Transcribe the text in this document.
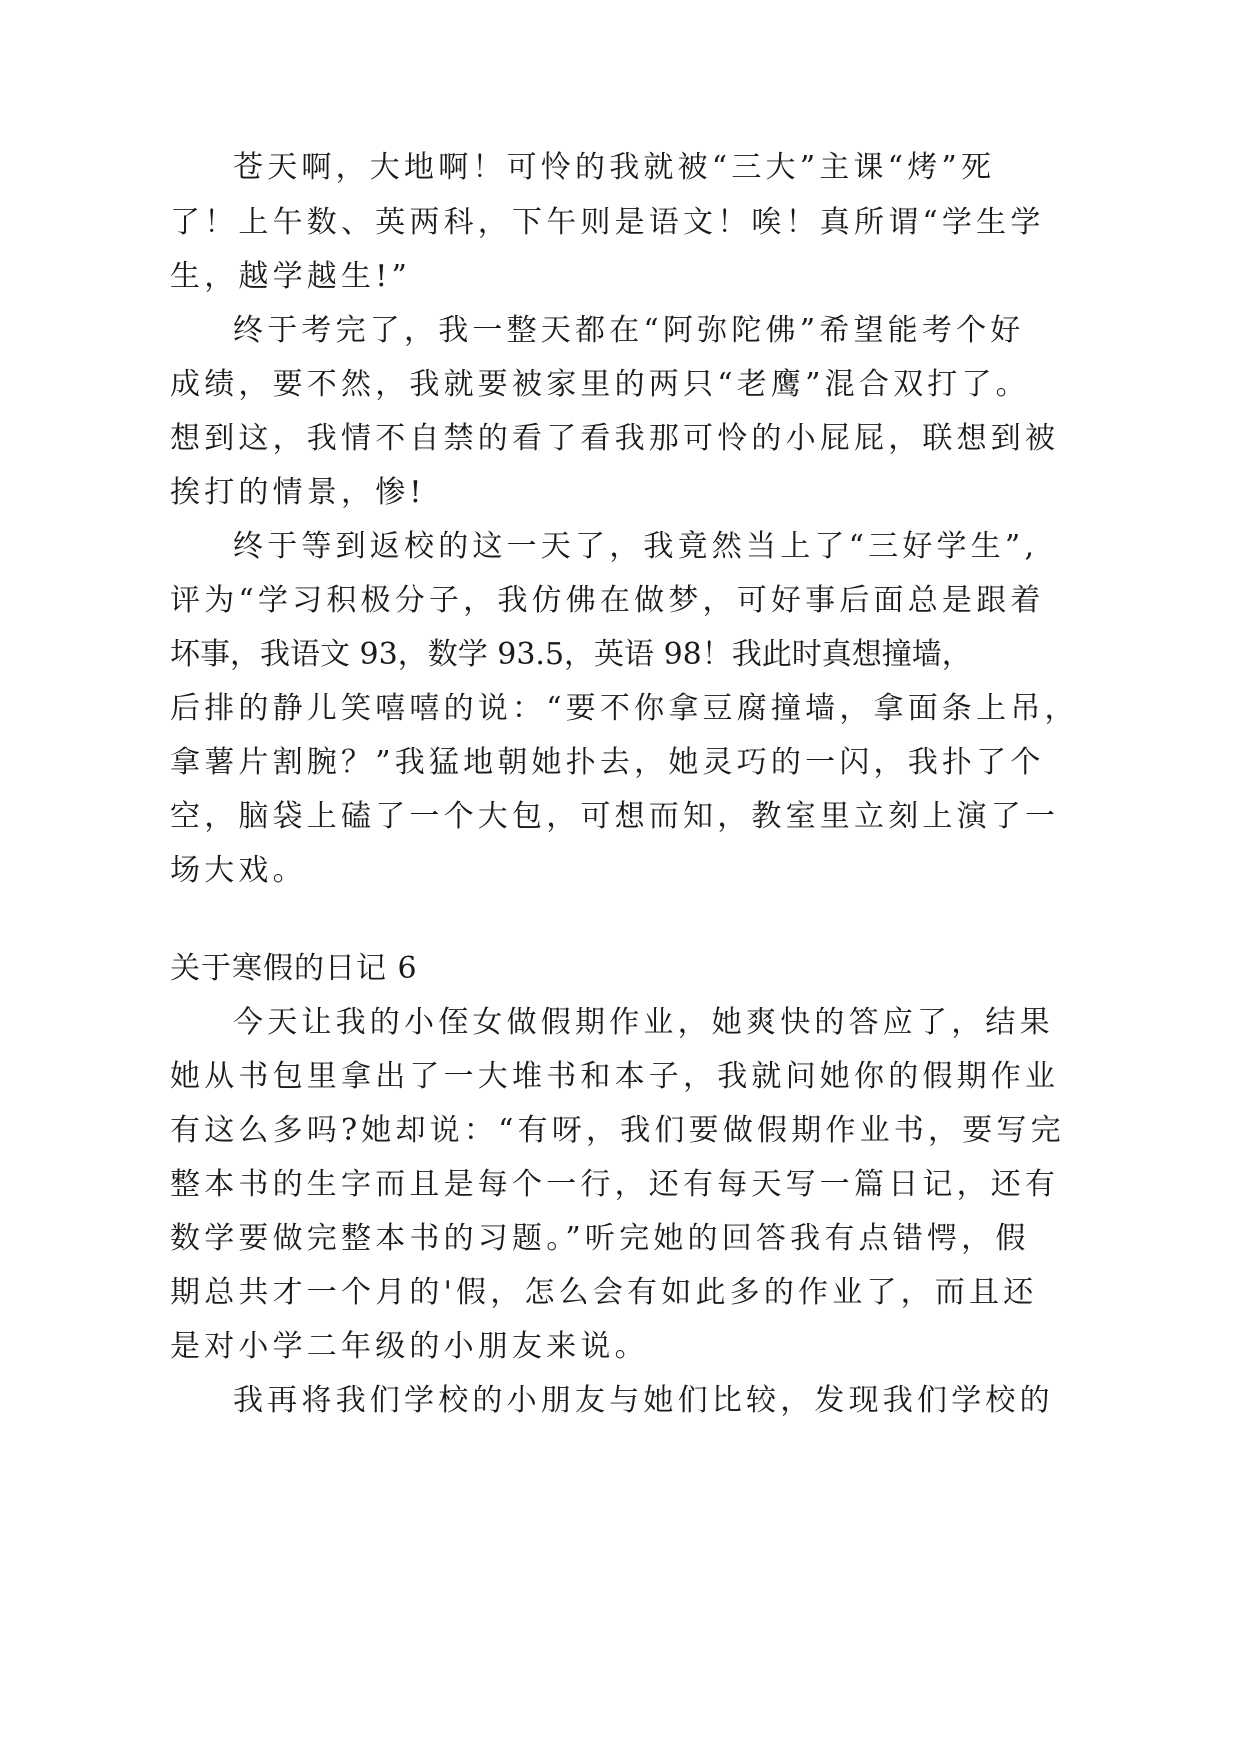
苍天啊，大地啊！可怜的我就被“三大”主课“烤”死

了！上午数、英两科，下午则是语文！唉！真所谓“学生学

生，越学越生!”

终于考完了，我一整天都在“阿弥陀佛”希望能考个好

成绩，要不然，我就要被家里的两只“老鹰”混合双打了。

想到这，我情不自禁的看了看我那可怜的小屁屁，联想到被

挨打的情景，惨!

终于等到返校的这一天了，我竟然当上了“三好学生”,

评为“学习积极分子，我仿佛在做梦，可好事后面总是跟着

坏事，我语文 93，数学 93.5，英语 98！我此时真想撞墙，

后排的静儿笑嘻嘻的说：“要不你拿豆腐撞墙，拿面条上吊，

拿薯片割腕？”我猛地朝她扑去，她灵巧的一闪，我扑了个

空，脑袋上磕了一个大包，可想而知，教室里立刻上演了一

场大戏。

关于寒假的日记 6

今天让我的小侄女做假期作业，她爽快的答应了，结果

她从书包里拿出了一大堆书和本子，我就问她你的假期作业

有这么多吗?她却说：“有呀，我们要做假期作业书，要写完

整本书的生字而且是每个一行，还有每天写一篇日记，还有

数学要做完整本书的习题。”听完她的回答我有点错愕，假

期总共才一个月的'假，怎么会有如此多的作业了，而且还

是对小学二年级的小朋友来说。

我再将我们学校的小朋友与她们比较，发现我们学校的
